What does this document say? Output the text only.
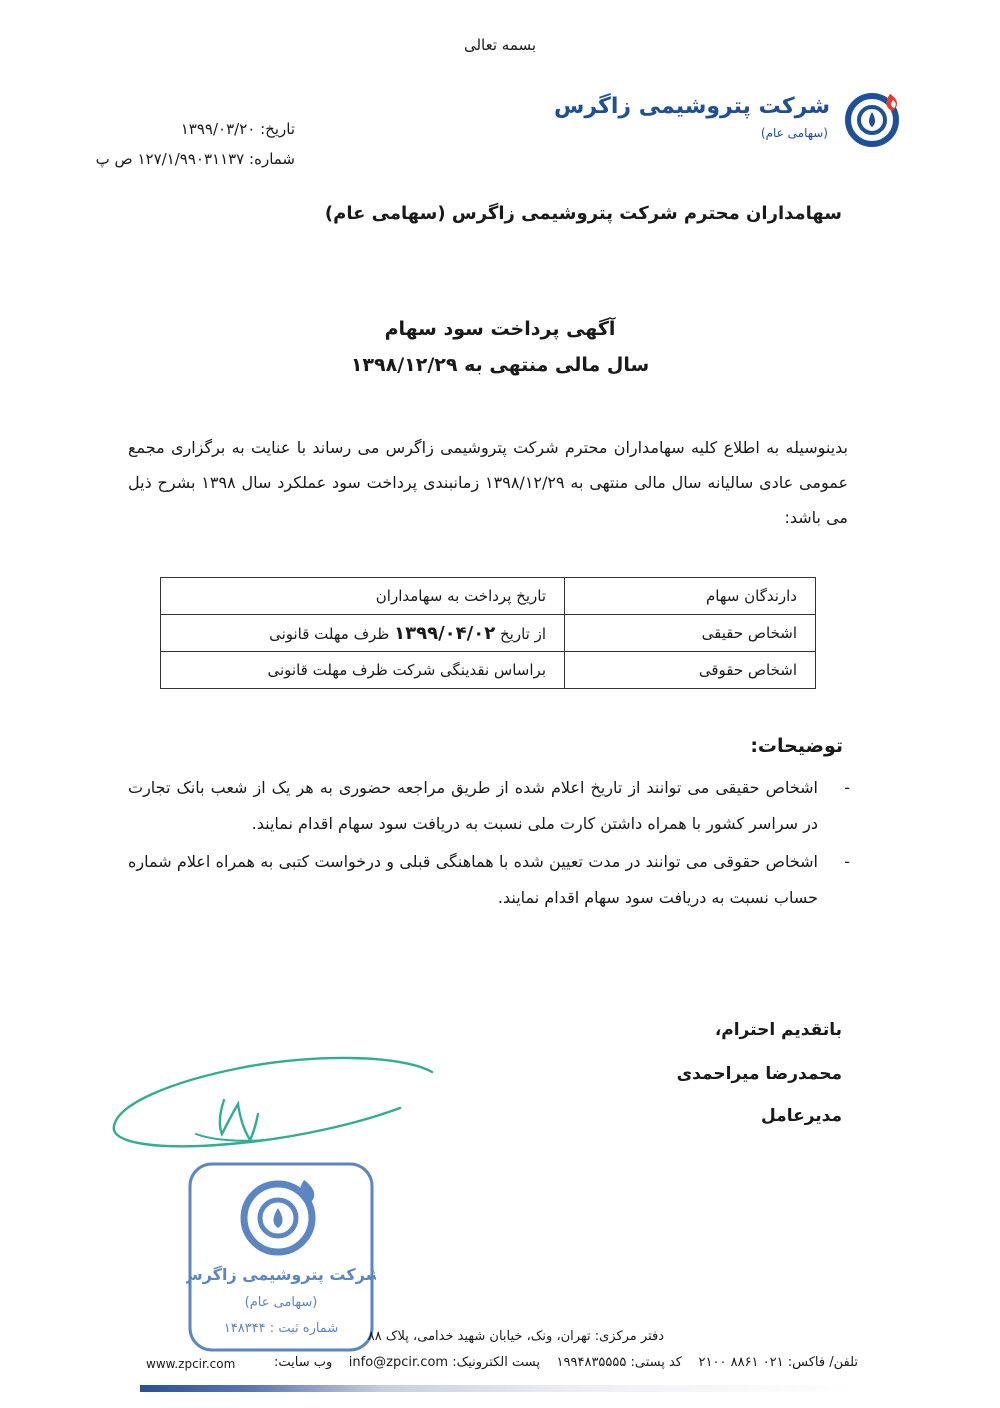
بسمه تعالی
شرکت پتروشیمی زاگرس
(سهامی عام)
تاریخ: ۱۳۹۹/۰۳/۲۰
شماره: ۱۲۷/۱/۹۹۰۳۱۱۳۷ ص پ
سهامداران محترم شرکت پتروشیمی زاگرس (سهامی عام)
آگهی پرداخت سود سهام
سال مالی منتهی به ۱۳۹۸/۱۲/۲۹
بدینوسیله به اطلاع کلیه سهامداران محترم شرکت پتروشیمی زاگرس می رساند با عنایت به برگزاری مجمع عمومی عادی سالیانه سال مالی منتهی به ۱۳۹۸/۱۲/۲۹ زمانبندی پرداخت سود عملکرد سال ۱۳۹۸ بشرح ذیل می باشد:
دارندگان سهام	تاریخ پرداخت به سهامداران
اشخاص حقیقی	از تاریخ ۱۳۹۹/۰۴/۰۲ ظرف مهلت قانونی
اشخاص حقوقی	براساس نقدینگی شرکت ظرف مهلت قانونی
توضیحات:
-
اشخاص حقیقی می توانند از تاریخ اعلام شده از طریق مراجعه حضوری به هر یک از شعب بانک تجارت در سراسر کشور با همراه داشتن کارت ملی نسبت به دریافت سود سهام اقدام نمایند.
-
اشخاص حقوقی می توانند در مدت تعیین شده با هماهنگی قبلی و درخواست کتبی به همراه اعلام شماره حساب نسبت به دریافت سود سهام اقدام نمایند.
باتقدیم احترام،
محمدرضا میراحمدی
مدیرعامل
شرکت پتروشیمی زاگرس
(سهامی عام)
شماره ثبت : ۱۴۸۳۴۴
دفتر مرکزی: تهران، ونک، خیابان شهید خدامی، پلاک ۸۸
تلفن/ فاکس: ۰۲۱ ۸۸۶۱ ۲۱۰۰    کد پستی: ۱۹۹۴۸۳۵۵۵۵    پست الکترونیک: info@zpcir.com    وب سایت:
www.zpcir.com
